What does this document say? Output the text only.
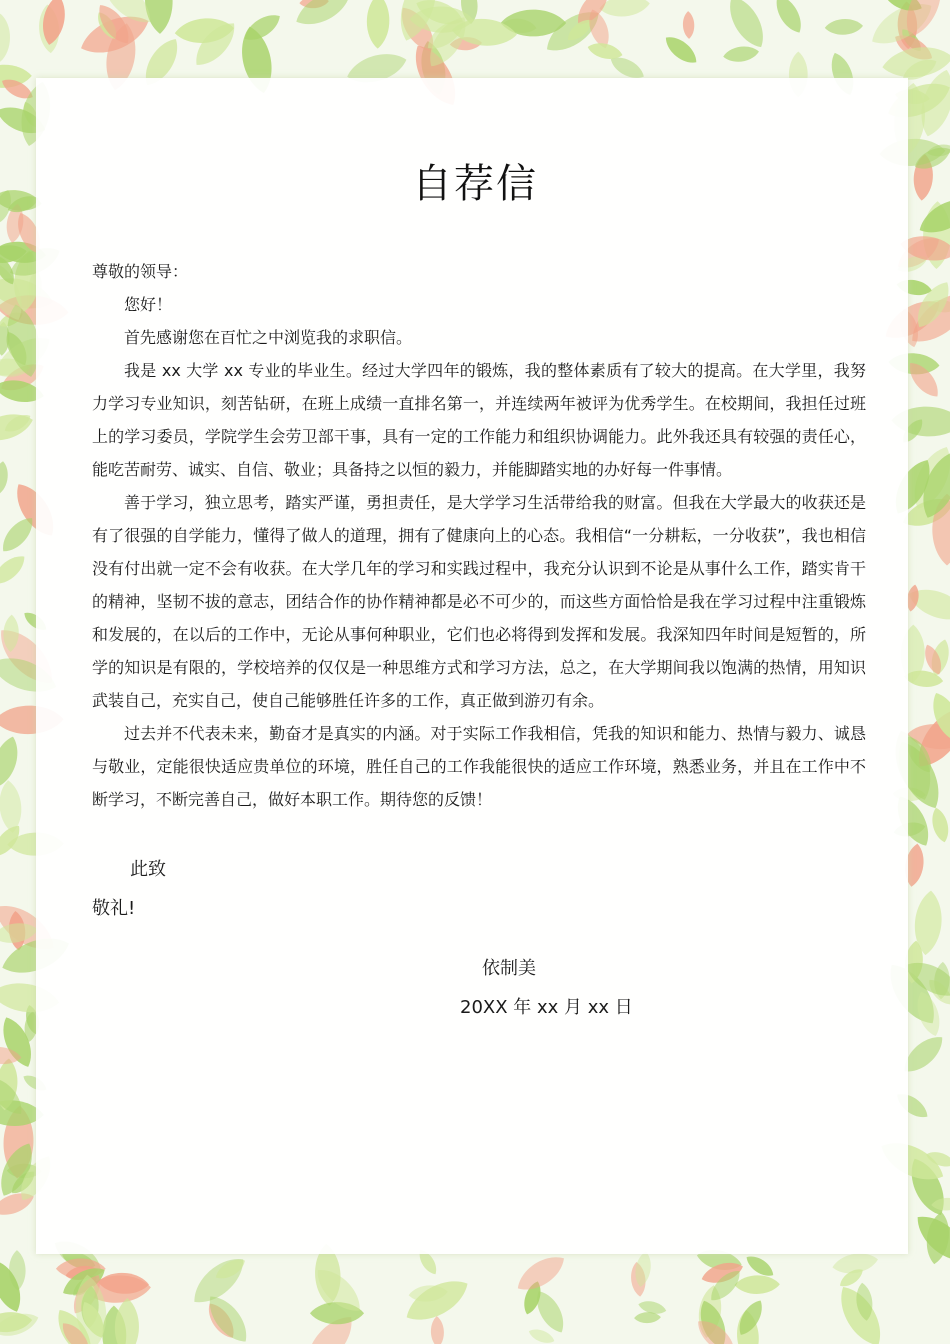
自荐信

尊敬的领导：

您好！

首先感谢您在百忙之中浏览我的求职信。

我是 xx 大学 xx 专业的毕业生。经过大学四年的锻炼，我的整体素质有了较大的提高。在大学里，我努力学习专业知识，刻苦钻研，在班上成绩一直排名第一，并连续两年被评为优秀学生。在校期间，我担任过班上的学习委员，学院学生会劳卫部干事，具有一定的工作能力和组织协调能力。此外我还具有较强的责任心，能吃苦耐劳、诚实、自信、敬业；具备持之以恒的毅力，并能脚踏实地的办好每一件事情。

善于学习，独立思考，踏实严谨，勇担责任，是大学学习生活带给我的财富。但我在大学最大的收获还是有了很强的自学能力，懂得了做人的道理，拥有了健康向上的心态。我相信“一分耕耘，一分收获”，我也相信没有付出就一定不会有收获。在大学几年的学习和实践过程中，我充分认识到不论是从事什么工作，踏实肯干的精神，坚韧不拔的意志，团结合作的协作精神都是必不可少的，而这些方面恰恰是我在学习过程中注重锻炼和发展的，在以后的工作中，无论从事何种职业，它们也必将得到发挥和发展。我深知四年时间是短暂的，所学的知识是有限的，学校培养的仅仅是一种思维方式和学习方法，总之，在大学期间我以饱满的热情，用知识武装自己，充实自己，使自己能够胜任许多的工作，真正做到游刃有余。

过去并不代表未来，勤奋才是真实的内涵。对于实际工作我相信，凭我的知识和能力、热情与毅力、诚恳与敬业，定能很快适应贵单位的环境，胜任自己的工作我能很快的适应工作环境，熟悉业务，并且在工作中不断学习，不断完善自己，做好本职工作。期待您的反馈！

此致
敬礼!
依制美
20XX 年 xx 月 xx 日
